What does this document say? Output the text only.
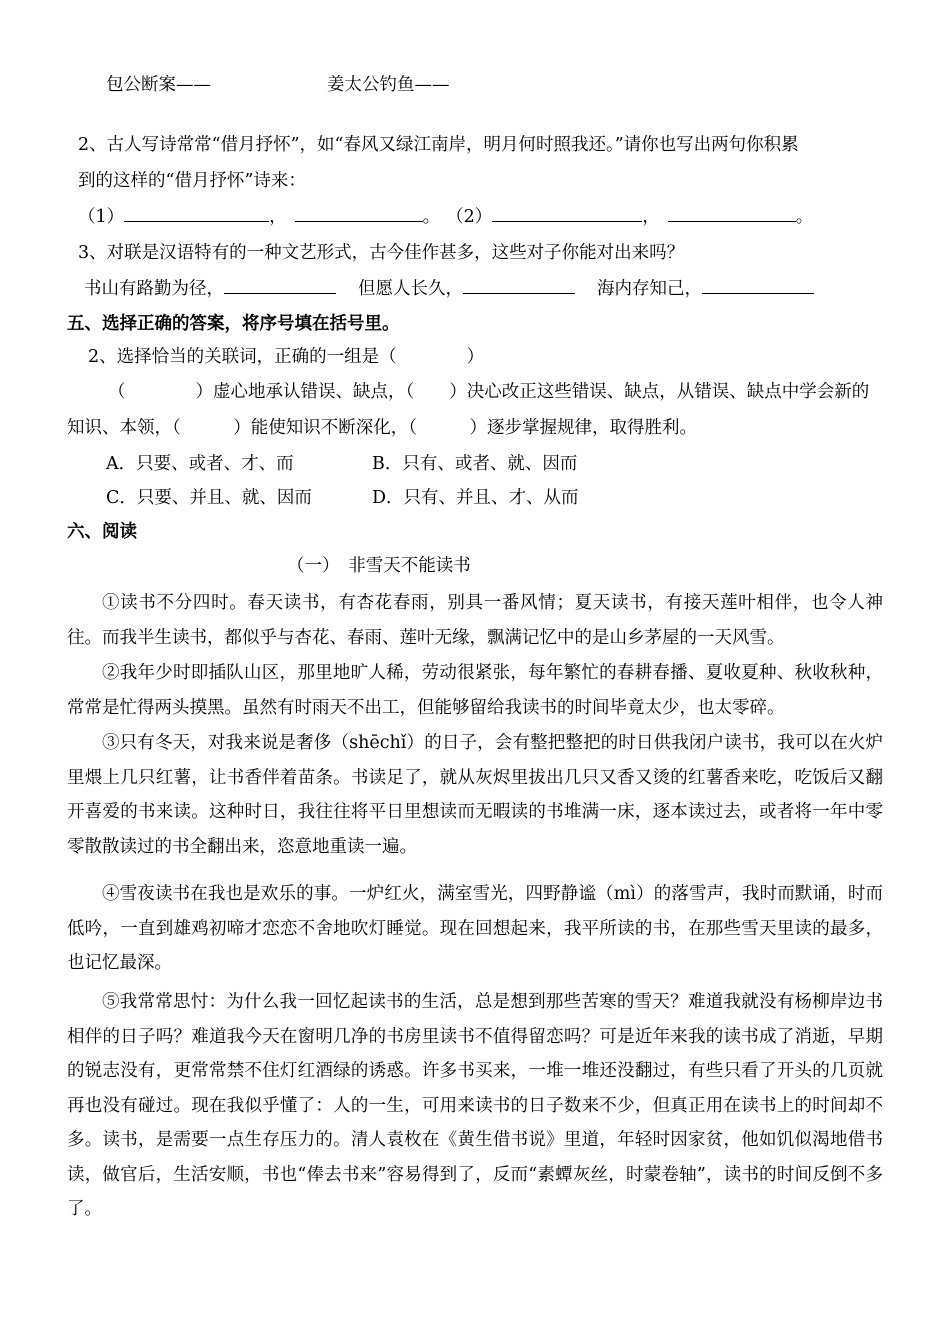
包公断案——	姜太公钓鱼——
2、古人写诗常常“借月抒怀”，如“春风又绿江南岸，明月何时照我还。”请你也写出两句你积累
到的这样的“借月抒怀”诗来：
（1）	，	。 （2）	，	。
3、对联是汉语特有的一种文艺形式，古今佳作甚多，这些对子你能对出来吗？
书山有路勤为径，	但愿人长久，	海内存知己，
五、选择正确的答案，将序号填在括号里。
2、选择恰当的关联词，正确的一组是（　　　　）
（　　　　）虚心地承认错误、缺点，（　　）决心改正这些错误、缺点，从错误、缺点中学会新的
知识、本领，（　　　）能使知识不断深化，（　　　）逐步掌握规律，取得胜利。
A．只要、或者、才、而	B．只有、或者、就、因而
C．只要、并且、就、因而	D．只有、并且、才、从而
六、阅读
（一）　非雪天不能读书
①读书不分四时。春天读书，有杏花春雨，别具一番风情；夏天读书，有接天莲叶相伴，也令人神往。而我半生读书，都似乎与杏花、春雨、莲叶无缘，飘满记忆中的是山乡茅屋的一天风雪。
②我年少时即插队山区，那里地旷人稀，劳动很紧张，每年繁忙的春耕春播、夏收夏种、秋收秋种，常常是忙得两头摸黑。虽然有时雨天不出工，但能够留给我读书的时间毕竟太少，也太零碎。
③只有冬天，对我来说是奢侈（shēchǐ）的日子，会有整把整把的时日供我闭户读书，我可以在火炉里煨上几只红薯，让书香伴着苗条。书读足了，就从灰烬里拔出几只又香又烫的红薯香来吃，吃饭后又翻开喜爱的书来读。这种时日，我往往将平日里想读而无暇读的书堆满一床，逐本读过去，或者将一年中零零散散读过的书全翻出来，恣意地重读一遍。
④雪夜读书在我也是欢乐的事。一炉红火，满室雪光，四野静谧（mì）的落雪声，我时而默诵，时而低吟，一直到雄鸡初啼才恋恋不舍地吹灯睡觉。现在回想起来，我平所读的书，在那些雪天里读的最多，也记忆最深。
⑤我常常思忖：为什么我一回忆起读书的生活，总是想到那些苦寒的雪天？难道我就没有杨柳岸边书相伴的日子吗？难道我今天在窗明几净的书房里读书不值得留恋吗？可是近年来我的读书成了消逝，早期的锐志没有，更常常禁不住灯红酒绿的诱惑。许多书买来，一堆一堆还没翻过，有些只看了开头的几页就再也没有碰过。现在我似乎懂了：人的一生，可用来读书的日子数来不少，但真正用在读书上的时间却不多。读书，是需要一点生存压力的。清人袁枚在《黄生借书说》里道，年轻时因家贫，他如饥似渴地借书读，做官后，生活安顺，书也“俸去书来”容易得到了，反而“素蟫灰丝，时蒙卷轴”，读书的时间反倒不多了。
